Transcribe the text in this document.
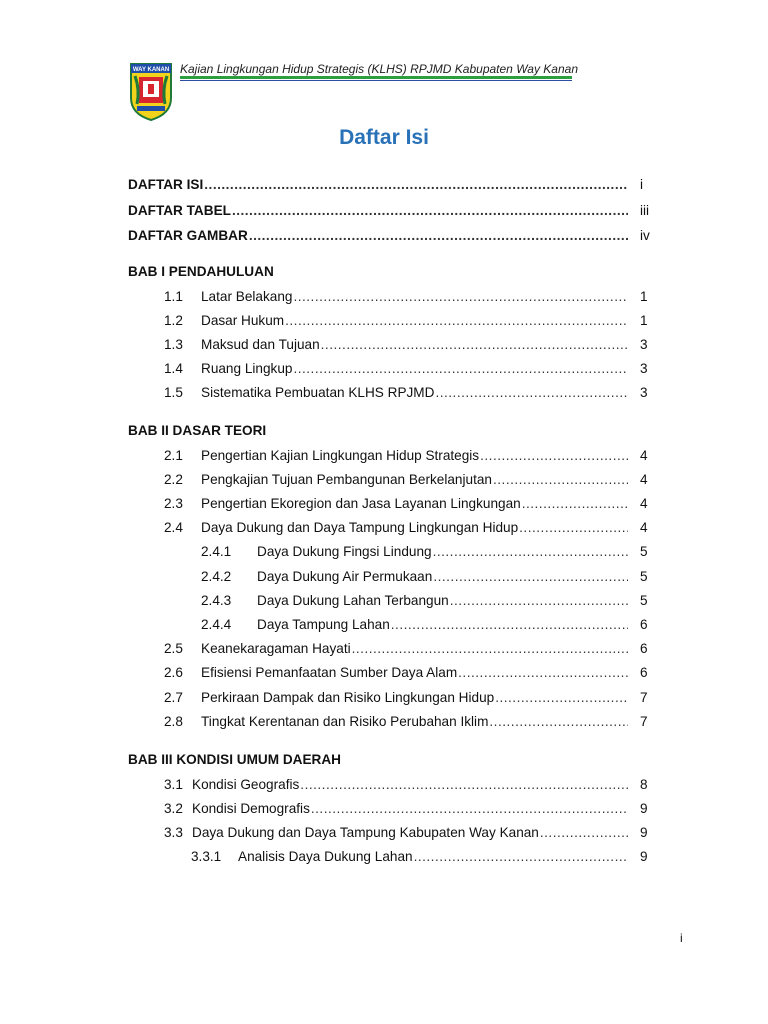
WAY KANAN Kajian Lingkungan Hidup Strategis (KLHS) RPJMD Kabupaten Way Kanan
Daftar Isi
DAFTAR ISI .....	i
DAFTAR TABEL .....	iii
DAFTAR GAMBAR .....	iv
BAB I PENDAHULUAN
1.1	Latar Belakang .....	1
1.2	Dasar Hukum .....	1
1.3	Maksud dan Tujuan .....	3
1.4	Ruang Lingkup .....	3
1.5	Sistematika Pembuatan KLHS RPJMD .....	3
BAB II DASAR TEORI
2.1	Pengertian Kajian Lingkungan Hidup Strategis .....	4
2.2	Pengkajian Tujuan Pembangunan Berkelanjutan .....	4
2.3	Pengertian Ekoregion dan Jasa Layanan Lingkungan .....	4
2.4	Daya Dukung dan Daya Tampung Lingkungan Hidup .....	4
2.4.1	Daya Dukung Fingsi Lindung .....	5
2.4.2	Daya Dukung Air Permukaan .....	5
2.4.3	Daya Dukung Lahan Terbangun .....	5
2.4.4	Daya Tampung Lahan .....	6
2.5	Keanekaragaman Hayati .....	6
2.6	Efisiensi Pemanfaatan Sumber Daya Alam .....	6
2.7	Perkiraan Dampak dan Risiko Lingkungan Hidup .....	7
2.8	Tingkat Kerentanan dan Risiko Perubahan Iklim .....	7
BAB III KONDISI UMUM DAERAH
3.1 Kondisi Geografis .....	8
3.2 Kondisi Demografis .....	9
3.3 Daya Dukung dan Daya Tampung Kabupaten Way Kanan .....	9
3.3.1	Analisis Daya Dukung Lahan .....	9
i
